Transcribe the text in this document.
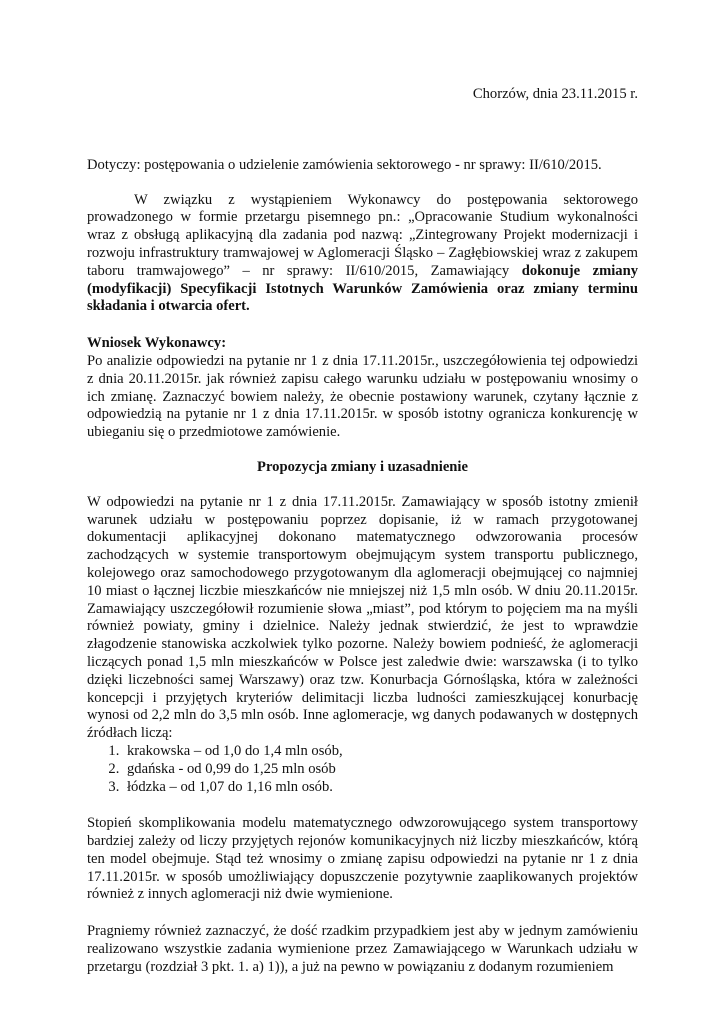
Chorzów, dnia 23.11.2015 r.

Dotyczy: postępowania o udzielenie zamówienia sektorowego - nr sprawy: II/610/2015.

W związku z wystąpieniem Wykonawcy do postępowania sektorowego prowadzonego w formie przetargu pisemnego pn.: „Opracowanie Studium wykonalności wraz z obsługą aplikacyjną dla zadania pod nazwą: „Zintegrowany Projekt modernizacji i rozwoju infrastruktury tramwajowej w Aglomeracji Śląsko – Zagłębiowskiej wraz z zakupem taboru tramwajowego” – nr sprawy: II/610/2015, Zamawiający dokonuje zmiany (modyfikacji) Specyfikacji Istotnych Warunków Zamówienia oraz zmiany terminu składania i otwarcia ofert.

Wniosek Wykonawcy:

Po analizie odpowiedzi na pytanie nr 1 z dnia 17.11.2015r., uszczegółowienia tej odpowiedzi z dnia 20.11.2015r. jak również zapisu całego warunku udziału w postępowaniu wnosimy o ich zmianę. Zaznaczyć bowiem należy, że obecnie postawiony warunek, czytany łącznie z odpowiedzią na pytanie nr 1 z dnia 17.11.2015r. w sposób istotny ogranicza konkurencję w ubieganiu się o przedmiotowe zamówienie.

Propozycja zmiany i uzasadnienie

W odpowiedzi na pytanie nr 1 z dnia 17.11.2015r. Zamawiający w sposób istotny zmienił warunek udziału w postępowaniu poprzez dopisanie, iż w ramach przygotowanej dokumentacji aplikacyjnej dokonano matematycznego odwzorowania procesów zachodzących w systemie transportowym obejmującym system transportu publicznego, kolejowego oraz samochodowego przygotowanym dla aglomeracji obejmującej co najmniej 10 miast o łącznej liczbie mieszkańców nie mniejszej niż 1,5 mln osób. W dniu 20.11.2015r. Zamawiający uszczegółowił rozumienie słowa „miast”, pod którym to pojęciem ma na myśli również powiaty, gminy i dzielnice. Należy jednak stwierdzić, że jest to wprawdzie złagodzenie stanowiska aczkolwiek tylko pozorne. Należy bowiem podnieść, że aglomeracji liczących ponad 1,5 mln mieszkańców w Polsce jest zaledwie dwie: warszawska (i to tylko dzięki liczebności samej Warszawy) oraz tzw. Konurbacja Górnośląska, która w zależności koncepcji i przyjętych kryteriów delimitacji liczba ludności zamieszkującej konurbację wynosi od 2,2 mln do 3,5 mln osób. Inne aglomeracje, wg danych podawanych w dostępnych źródłach liczą:

1. krakowska – od 1,0 do 1,4 mln osób,
2. gdańska - od 0,99 do 1,25 mln osób
3. łódzka – od 1,07 do 1,16 mln osób.

Stopień skomplikowania modelu matematycznego odwzorowującego system transportowy bardziej zależy od liczy przyjętych rejonów komunikacyjnych niż liczby mieszkańców, którą ten model obejmuje. Stąd też wnosimy o zmianę zapisu odpowiedzi na pytanie nr 1 z dnia 17.11.2015r. w sposób umożliwiający dopuszczenie pozytywnie zaaplikowanych projektów również z innych aglomeracji niż dwie wymienione.

Pragniemy również zaznaczyć, że dość rzadkim przypadkiem jest aby w jednym zamówieniu realizowano wszystkie zadania wymienione przez Zamawiającego w Warunkach udziału w przetargu (rozdział 3 pkt. 1. a) 1)), a już na pewno w powiązaniu z dodanym rozumieniem
